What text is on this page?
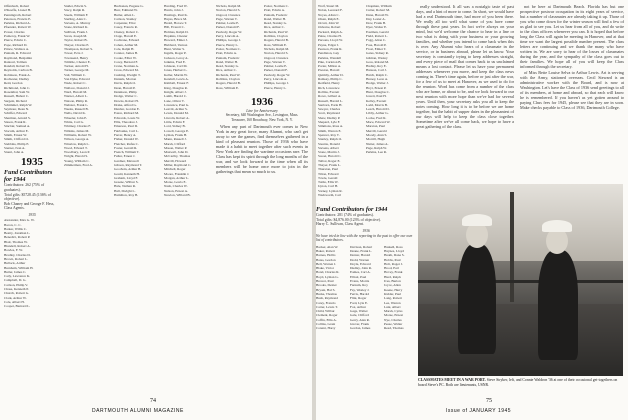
Offenbach, Robert
O'Keeffe, Lionel H.
Penningroth, Robert
Peterson, Francis E.
Perkins, Richard A.
Pfaender, Robert W.
Power, Charles
Pomeroy, Frank W.
Pierce, Edwin C.
Pope, Richard D.
Prince, Wallace A.
Putnam, R. Edward
Raymond, Benjamin
Rantoul, Tolman
Randall, Robert D.
Reynolds, Carlton B.
Robinson, Frank A.
Rochester, Dudley
Reid, Gordon
Richmond, John C.
Rosenthal, Sam W.
Russell, Hubert C.
Sargent, Richard
Schimmel, Ralph W.
Seymour, Dean N.
Schiffer, Edward
Sherman, Arnold S.
Sisson, Frank R.
Sinclair, Samuel A.
Slocum, Arthur E.
Smith, Ernest W.
Smith, Clifford O.
Stebbins, Philip E.
Sterner, Ivan A.
Stuart, John A.
1935
Fund Contributors for 1944
Contributors: 262 (75% of graduates).
Total gifts: $5728.45 (136% of objective).
Bob Chaney and George F. Hess, Class Agents.
1935
Alexander, Max G. W.
Bacon, C. C.
Barker, Willis C.
Beatty, Jonathan L.
Benedict, Robert P.
Blair, Thomas W.
Blundell, Robert A.
Bowles, F. W.
Bradley, Charles D.
Brown, Robert L.
Bullock, Arthur
Burnham, William H.
Butler, James C.
Cady, Lawrence K.
Campbell, D. G.
Carlson, Philip V.
Chase, Kenneth P.
Church, Robert G.
Clark, Arthur W.
Cole, Albert H.
Cooper, Bernard L.
Snider, Edwin S.
Stacy, Ralph R.
Steele, William F.
Sterling, Alan C.
Stevens, A. Murray
Stone, Richard K.
Sullivan, Frank J.
Swan, Joseph M.
Taylor, Robert B.
Thayer, Charles E.
Thompson, Robert S.
Tower, Ezra J.
Townsend, Henry
Trimble, Chester E.
Tucker, Arnold H.
Turner, George M.
Vail, William C.
Van Dyke, Edward
Wade, Robert C.
Wallace, Donald J.
Ward, Harold M.
Warner, Albert L.
Watson, Philip R.
Webster, Frank L.
Weeks, Russell B.
Wells, David K.
Wheeler, John E.
White, Carl G.
Whitney, Charles F.
Wilkins, James M.
Williams, Robert W.
Wilson, George A.
Winslow, Ralph L.
Wood, Edward T.
Woodbury, Leon P.
Wright, Harold S.
Young, William C.
Zimmerman, Fred A.
Buchanan, Eugene G.
Burr, Edmund W.
Butler, Allen L.
Carlson, Stanley
Carpenter, Eliot
Casey, Francis R.
Cheney, Robert C.
Clapp, Harold E.
Cochrane, Edward
Cohen, Arthur M.
Cole, Ralph H.
Connor, James B.
Cooke, Elliot W.
Corey, Bernard F.
Crane, Norman A.
Cross, Edward M.
Cushing, Dwight T.
Daniels, Morton
Davis, Ralph O.
Dean, Harold P.
Dennison, Philip
Dodge, Walter C.
Downs, Robert H.
Drake, Alfred G.
Dunbar, Gordon E.
Eaton, Richard M.
Edwards, Louis W.
Ellis, Theodore J.
Emerson, Paul D.
Fairbanks, Carl L.
Farrar, Henry A.
Fisher, Donald W.
Fletcher, Rufus C.
Foster, Gerald R.
French, William T.
Fuller, Ernest J.
Gardner, Maxwell
Gibson, Raymond T.
Goodwin, Arthur B.
Gould, Kenneth H.
Graham, Lloyd F.
Greene, Wilbur S.
Hale, Nathan R.
Hall, Dwight L.
Hamilton, Roy B.
Harding, Fred W.
Harris, John J.
Hastings, Paul K.
Hayes, Bruce M.
Heald, Horace T.
Hill, Everett C.
Holmes, Ralph D.
Hopkins, Chester
Howard, Elmer J.
Hubbard, Vernon
Hunt, Walter S.
Ingalls, Roger P.
Jackson, Leroy A.
Jenkins, Fred E.
Johnson, Carl M.
Jones, Herbert L.
Keller, Martin W.
Kendall, Lewis A.
Kimball, Ernest F.
King, Douglas R.
Knight, Albert J.
Lamb, Harold C.
Lane, Oliver T.
Lawrence, Paul G.
Leavitt, Arthur S.
Lewis, Donald M.
Lincoln, Robert A.
Little, Edwin F.
Lord, Sidney B.
Lowell, George E.
Lyman, Frank H.
Mann, Russell J.
Marsh, Clifford
Mason, Walter P.
Maxwell, John D.
McCarthy, Thomas
Merrill, Howard
Miller, Raymond C.
Mitchell, Roger
Moore, Franklin J.
Morgan, Arthur L.
Morse, Lewis E.
Nash, Charles W.
Nelson, Ernest A.
Newton, Willard B.
Nichols, Ralph M.
Norton, Harold S.
Osgood, Clarence
Page, Warren T.
Palmer, Leslie E.
Parker, Donald F.
Peabody, Roger W.
Perry, Lincoln A.
Phillips, George J.
Pierce, Henry L.
Potter, Norman C.
Pratt, Edwin A.
Putnam, Frederic
Rand, Walter H.
Read, Stanley G.
Rice, Arthur C.
Richards, Paul W.
Robbins, Clayton
Rogers, Harold B.
Ross, William E.
Potter, Norman C.
Pratt, Edwin A.
Putnam, Frederic
Rand, Walter H.
Read, Stanley G.
Rice, Arthur C.
Richards, Paul W.
Robbins, Clayton
Rogers, Harold B.
Ross, William E.
Nichols, Ralph M.
Norton, Harold S.
Osgood, Clarence
Page, Warren T.
Palmer, Leslie E.
Parker, Donald F.
Peabody, Roger W.
Perry, Lincoln A.
Phillips, George J.
Pierce, Henry L.
1936
Line for Anniversary
Secretary, 640 Washington Ave., Lexington, Mass.
Treasurer, 160 Broadway, New York, N. Y.

When any part of Dartmouth ever comes to New York in any great force, many Alumni, who can't get away to see the games, find themselves gathered in a kind of pleasant reunion. Those of 1936 who have made it a habit to meet together after such events in New York are finding the wartime occasions rare. The Class has kept its spirit through the long months of the war, and we look forward to the time when all its members will be home once more to join in the gatherings that mean so much to us.

74
DARTMOUTH ALUMNI MAGAZINE
Wolf, Stuart M.
Nolan, Leonard F.
Noyes, Allan C.
Olsen, Ralph E.
Orcutt, John W.
Osborne, Robert
Packard, Ralph A.
Paine, Charles H.
Parsons, Lloyd W.
Payne, Edgar J.
Pearson, Frank R.
Pendleton, Guy
Perkins, Wendell
Pike, Carleton B.
Porter, Milton A.
Preston, Harold
Quimby, Arthur D.
Ramsay, Philip C.
Redfield, Henry
Rich, Lawrence
Rollins, Everett
Rowe, Gilbert A.
Russell, Harold L.
Sanborn, Earle H.
Sawyer, Charles
Scott, Raymond
Shaw, Dudley P.
Shepard, Lyle F.
Simmons, Ross A.
Smith, Warren E.
Spencer, Roy T.
Stanley, Ralph O.
Stearns, Donald
Stevens, Albert
Stone, Martin J.
Sweet, Harold C.
Talbot, Roger E.
Thayer, Frank L.
Thurston, Paul
Tilton, Edward
Towle, Gerald
Tuttle, Ellis W.
Upton, Carl H.
Varney, Lyman R.
Wadsworth, Carl
Chapman, William
Cutter, Robert M.
Dana, Harold W.
Day, Lester A.
Dow, Frank B.
Dyer, Walter E.
Eastman, Gerald
Field, Robert L.
Fogg, Alton C.
Foss, Harold P.
Frost, Elmer T.
Gates, Sidney R.
Gilman, Wesley
Goss, Roland M.
Hadley, Roy E.
Hanson, Carl J.
Hatch, Ralph C.
Hersey, Leon A.
Hodge, Walter J.
Hoyt, Ernest P.
Hunt, Douglas C.
Jewett, Paul H.
Kelley, Everett
Ladd, Morris B.
Leach, Harold D.
Libby, Arthur G.
Locke, Fred R.
Mace, Edward W.
Marston, Paul
Merrill, Gerald
Moody, Alan S.
Morrill, Hugh
Nutter, James A.
Page, Ralph W.
Perkins, Lee R.

really understood. It all was a nostalgic taste of past days, and a hint of more to come. In short, we would have had a real Dartmouth time, had more of you been there. We really all too well what some of you have come through these past years. In fact we're always on your mind, but we'd welcome the chance to hear in a line or two what is doing with your business or your growing families, and whether you intend to come back when this is over. Any Alumni who hears of a classmate in the service, or in business abroad, please let us know. Your secretary is constantly trying to keep addresses straight, and every piece of mail that comes back to us unclaimed means a lost contact. Please let us have your permanent addresses whenever you move, and keep the class news coming in. There's time again, before or just after the war, for a few of us to meet at Hanover, as we used to do for the reunion. Word has come from a number of the class who are home, or about to be, and we look forward to our next reunion with more hope than we've had for several years. Until then, your secretary asks you all to keep the notes coming. How long it is to be before we are home together, but the habit of supper dates in the pleasantest of our days will help to keep the class close together. Sometime after we've all come back, we hope to have a great gathering of the class.

not be here at Dartmouth Beach. Florida has but one prospective postwar occupation in its eight years of service, but a number of classmates are already taking it up. Those of you who come down for the winter season will find a few of us glad to see you. Let us hear from all of you, and do write to the class officers whenever you can. It is hoped that before long the Class will again be meeting in Hanover, and at that time we want the largest possible number present. The class letters are continuing and we thank the many who have written in. We are sorry to hear of the losses of classmates during the year, and the sympathy of the class goes out to their families. We hope all of you will keep the Class informed through the secretary.

of Miss Bette Louise Selva to Arthur Lewis. Art is serving with the Army, stationed overseas. Cecil Steward is an administrative worker with the Board, and is now at Washington. Let's have the Class of 1936 send greetings to all of its members, at home and abroad, so that each will know he is remembered. If you haven't as yet gotten around to paying Class fees for 1945, please see that they are in soon. Make checks payable to Class of 1936, Dartmouth College.

75
Issue of JANUARY 1945
CLASSMATES MEET IN A WAR PORT. Steve Stryker, left, and Connie Waldron '36 at one of their occasional get-togethers on board Steve's PC. Both are lieutenants, USNR.
Fund Contributors for 1944
Contributors: 281 (74% of graduates).
Total gifts: $4,876.00 (123% of objective).
Harry C. Sullivan, Class Agent.
1936
We have tried in line with the reporting in the past to offer our own list of contributors.
Backer, Alan W.
Baker, Robert
Barnes, Hollis
Bates, Gordon
Bell, Warren J.
Blake, Victor
Bond, Charles R.
Boyd, Lyman G.
Brewer, Paul
Brooks, Dexter
Bryant, Hal S.
Burke, Thomas
Bush, Raymond
Carey, Francis
Carter, Lewis T.
Child, Wilbur
Clement, Roger
Coffin, Ellis A.
Collins, Grant
Conant, Harry
Davison, Robert
Deane, Frank L.
Dexter, Harold
Dodd, Warren
Doyle, Edward
Dudley, John R.
Eames, Carl A.
Elliott, Paul
Evans, Morris
Farnum, Roy
Fay, Wesley J.
Ferris, Harold
Flint, Roger
Ford, Lyle E.
Fox, Arthur
Gage, Walter
Gale, Clifford
Gerry, Alan R.
Glover, Frank
Gordon, James
Haskell, Ross
Haynes, Lloyd
Heath, Dana S.
Hobbs, Paul
Holt, Roger J.
Hood, Earl
Hovey, Frank
Hurd, Ralph
Ives, Burton
Joyce, Allen
Keene, Harry
Kidder, Paul
Lang, Robert
Lee, Warren
Lunt, Albert
Marsh, Cyrus
Morse, Ernest
Nye, Charles
Pease, Walter
Reed, Thomas
